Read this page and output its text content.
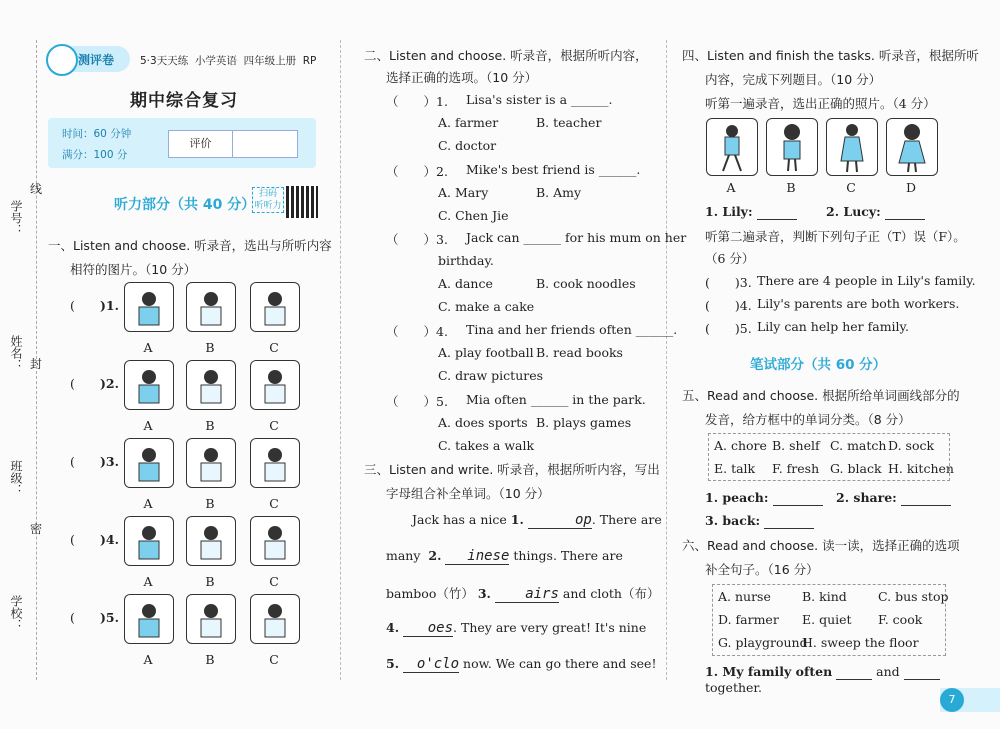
学号：
线
姓名： 封
班级：
密
学校：
测评卷 5·3天天练 小学英语 四年级上册 RP
期中综合复习
时间：60 分钟
满分：100 分
评价
听力部分（共 40 分）
扫码
听听力
一、Listen and choose. 听录音，选出与所听内容
相符的图片。（10 分）
( )1.
A	B	C
( )2.
A	B	C
( )3.
A	B	C
( )4.
A	B	C
( )5.
A	B	C
二、Listen and choose. 听录音，根据所听内容，
选择正确的选项。（10 分）
（　　）1. Lisa's sister is a ______.
A. farmer	B. teacher
C. doctor
（　　）2. Mike's best friend is ______.
A. Mary	B. Amy
C. Chen Jie
（　　）3. Jack can ______ for his mum on her
birthday.
A. dance	B. cook noodles
C. make a cake
（　　）4. Tina and her friends often ______.
A. play football B. read books
C. draw pictures
（　　）5. Mia often ______ in the park.
A. does sports B. plays games
C. takes a walk
三、Listen and write. 听录音，根据所听内容，写出
字母组合补全单词。（10 分）
Jack has a nice 1.	op. There are
many 2. inese things. There are
bamboo（竹） 3. airs and cloth（布）
4. oes. They are very great! It's nine
5. o'clo now. We can go there and see!
四、Listen and finish the tasks. 听录音，根据所听
内容，完成下列题目。（10 分）
听第一遍录音，选出正确的照片。（4 分）
A	B	C	D
1. Lily:	2. Lucy:
听第二遍录音，判断下列句子正（T）误（F）。
（6 分）
(　　)3. There are 4 people in Lily's family.
(　　)4. Lily's parents are both workers.
(　　)5. Lily can help her family.
笔试部分（共 60 分）
五、Read and choose. 根据所给单词画线部分的
发音，给方框中的单词分类。（8 分）
A. chore B. shelf C. match D. sock
E. talk F. fresh G. black H. kitchen
1. peach:	2. share:
3. back:
六、Read and choose. 读一读，选择正确的选项
补全句子。（16 分）
A. nurse B. kind C. bus stop
D. farmer E. quiet F. cook
G. playground
H. sweep the floor
1. My family often	and   together.
7
